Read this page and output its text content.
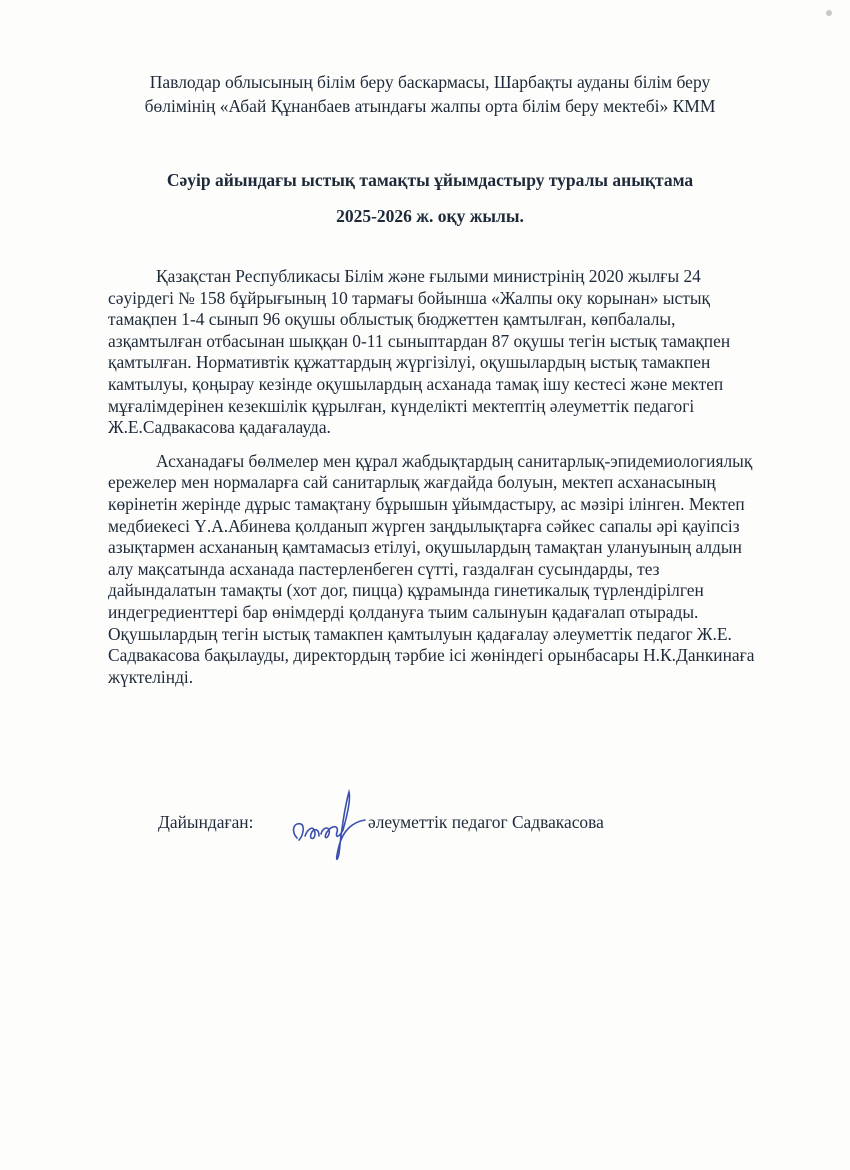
Павлодар облысының білім беру баскармасы, Шарбақты ауданы білім беру
бөлімінің «Абай Құнанбаев атындағы жалпы орта білім беру мектебі» КММ
Сәуір айындағы ыстық тамақты ұйымдастыру туралы анықтама
2025-2026 ж. оқу жылы.

Қазақстан Республикасы Білім және ғылыми министрінің 2020 жылғы 24 сәуірдегі № 158 бұйрығының 10 тармағы бойынша «Жалпы оку корынан» ыстық тамақпен 1-4 сынып 96 оқушы облыстық бюджеттен қамтылған, көпбалалы, азқамтылған отбасынан шыққан 0-11 сыныптардан 87 оқушы тегін ыстық тамақпен қамтылған. Нормативтік құжаттардың жүргізілуі, оқушылардың ыстық тамакпен камтылуы, қоңырау кезінде оқушылардың асханада тамақ ішу кестесі және мектеп мұғалімдерінен кезекшілік құрылған, күнделікті мектептің әлеуметтік педагогі Ж.Е.Садвакасова қадағалауда.

Асханадағы бөлмелер мен құрал жабдықтардың санитарлық-эпидемиологиялық ережелер мен нормаларға сай санитарлық жағдайда болуын, мектеп асханасының көрінетін жерінде дұрыс тамақтану бұрышын ұйымдастыру, ас мәзірі ілінген. Мектеп медбиекесі Ү.А.Абинева қолданып жүрген заңдылықтарға сәйкес сапалы әрі қауіпсіз азықтармен асхананың қамтамасыз етілуі, оқушылардың тамақтан улануының алдын алу мақсатында асханада пастерленбеген сүтті, газдалған сусындарды, тез дайындалатын тамақты (хот дог, пицца) құрамында гинетикалық түрлендірілген индегредиенттері бар өнімдерді қолдануға тыим салынуын қадағалап отырады. Оқушылардың тегін ыстық тамакпен қамтылуын қадағалау әлеуметтік педагог Ж.Е. Садвакасова бақылауды, директордың тәрбие ісі жөніндегі орынбасары Н.К.Данкинаға жүктелінді.

Дайындаған:	әлеуметтік педагог Садвакасова
